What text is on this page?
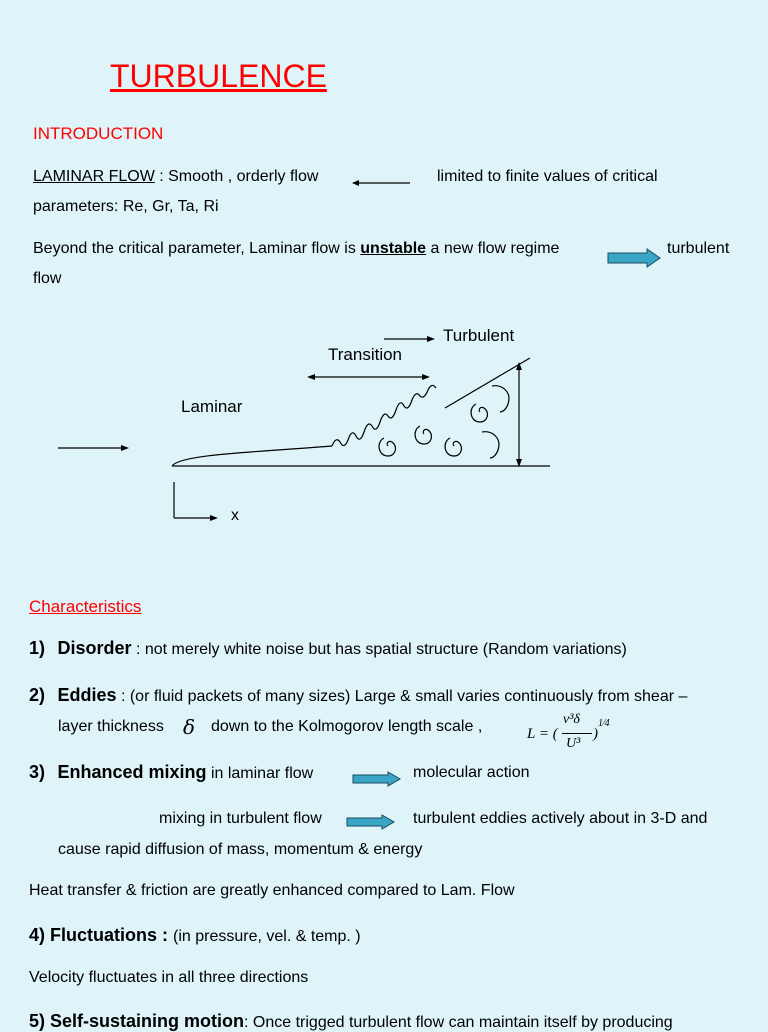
TURBULENCE
INTRODUCTION
LAMINAR FLOW : Smooth , orderly flow	limited to finite values of critical
parameters: Re, Gr, Ta, Ri
Beyond the critical parameter, Laminar flow is unstable a new flow regime	turbulent
flow
Turbulent
Transition
Laminar
x
Characteristics
1) Disorder : not merely white noise but has spatial structure (Random variations)
2) Eddies : (or fluid packets of many sizes) Large & small varies continuously from shear –
layer thickness δ down to the Kolmogorov length scale ,	L = (
ν³δ
U³
)
1⁄4
3) Enhanced mixing in laminar flow	molecular action
mixing in turbulent flow	turbulent eddies actively about in 3-D and
cause rapid diffusion of mass, momentum & energy
Heat transfer & friction are greatly enhanced compared to Lam. Flow
4) Fluctuations : (in pressure, vel. & temp. )
Velocity fluctuates in all three directions
5) Self-sustaining motion: Once trigged turbulent flow can maintain itself by producing
